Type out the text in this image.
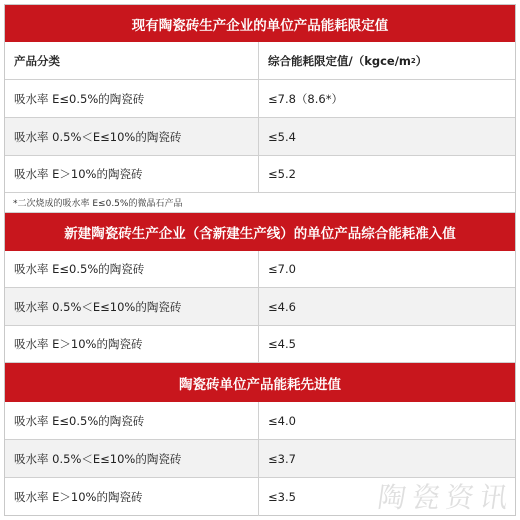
现有陶瓷砖生产企业的单位产品能耗限定值
产品分类	综合能耗限定值/（kgce/m 2 ）
吸水率 E≤0.5%的陶瓷砖	≤7.8（8.6*）
吸水率 0.5%＜E≤10%的陶瓷砖	≤5.4
吸水率 E＞10%的陶瓷砖	≤5.2
*二次烧成的吸水率 E≤0.5%的微晶石产品
新建陶瓷砖生产企业（含新建生产线）的单位产品综合能耗准入值
吸水率 E≤0.5%的陶瓷砖	≤7.0
吸水率 0.5%＜E≤10%的陶瓷砖	≤4.6
吸水率 E＞10%的陶瓷砖	≤4.5
陶瓷砖单位产品能耗先进值
吸水率 E≤0.5%的陶瓷砖	≤4.0
吸水率 0.5%＜E≤10%的陶瓷砖	≤3.7
吸水率 E＞10%的陶瓷砖	≤3.5	陶瓷资讯
